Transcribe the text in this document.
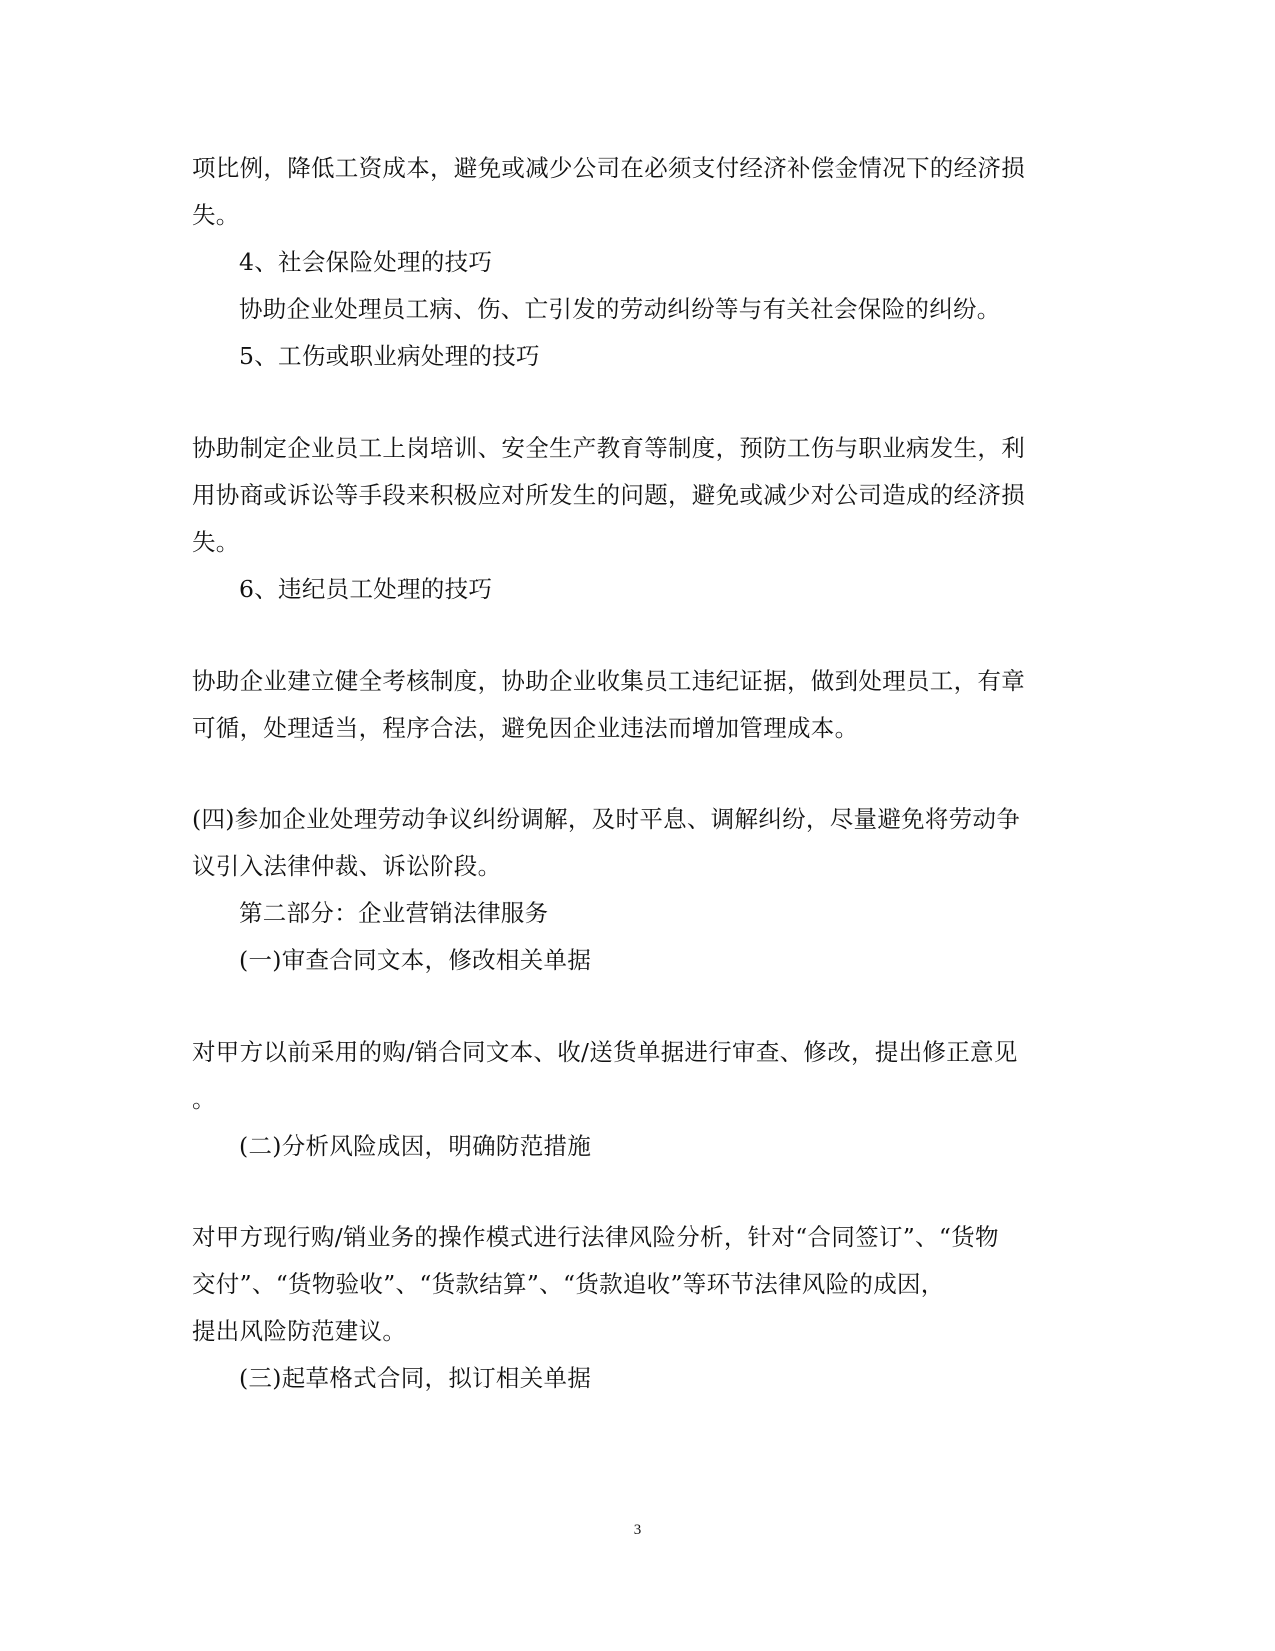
项比例，降低工资成本，避免或减少公司在必须支付经济补偿金情况下的经济损
失。
4、社会保险处理的技巧
协助企业处理员工病、伤、亡引发的劳动纠纷等与有关社会保险的纠纷。
5、工伤或职业病处理的技巧
协助制定企业员工上岗培训、安全生产教育等制度，预防工伤与职业病发生，利
用协商或诉讼等手段来积极应对所发生的问题，避免或减少对公司造成的经济损
失。
6、违纪员工处理的技巧
协助企业建立健全考核制度，协助企业收集员工违纪证据，做到处理员工，有章
可循，处理适当，程序合法，避免因企业违法而增加管理成本。
(四)参加企业处理劳动争议纠纷调解，及时平息、调解纠纷，尽量避免将劳动争
议引入法律仲裁、诉讼阶段。
第二部分：企业营销法律服务
(一)审查合同文本，修改相关单据
对甲方以前采用的购/销合同文本、收/送货单据进行审查、修改，提出修正意见
。
(二)分析风险成因，明确防范措施
对甲方现行购/销业务的操作模式进行法律风险分析，针对“合同签订”、“货物
交付”、“货物验收”、“货款结算”、“货款追收”等环节法律风险的成因，
提出风险防范建议。
(三)起草格式合同，拟订相关单据
3
